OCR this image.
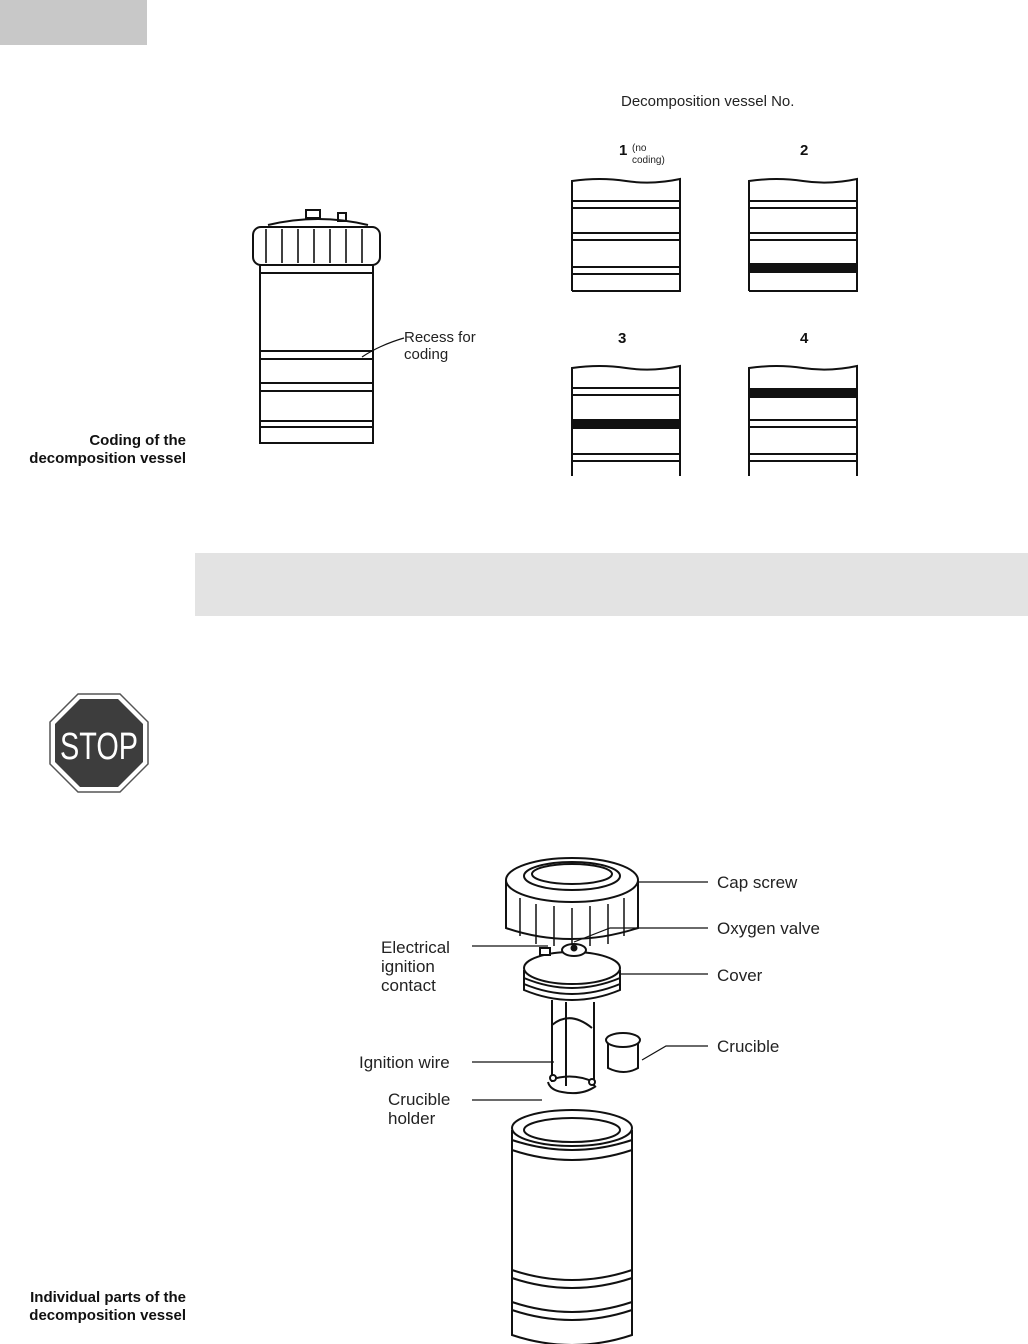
Coding of the
decomposition vessel
Recess for
coding
Decomposition vessel No.
1 (no
coding)
2
3	4
STOP
Individual parts of the
decomposition vessel
Cap screw
Oxygen valve
Cover
Crucible
Electrical
ignition
contact
Ignition wire
Crucible
holder
